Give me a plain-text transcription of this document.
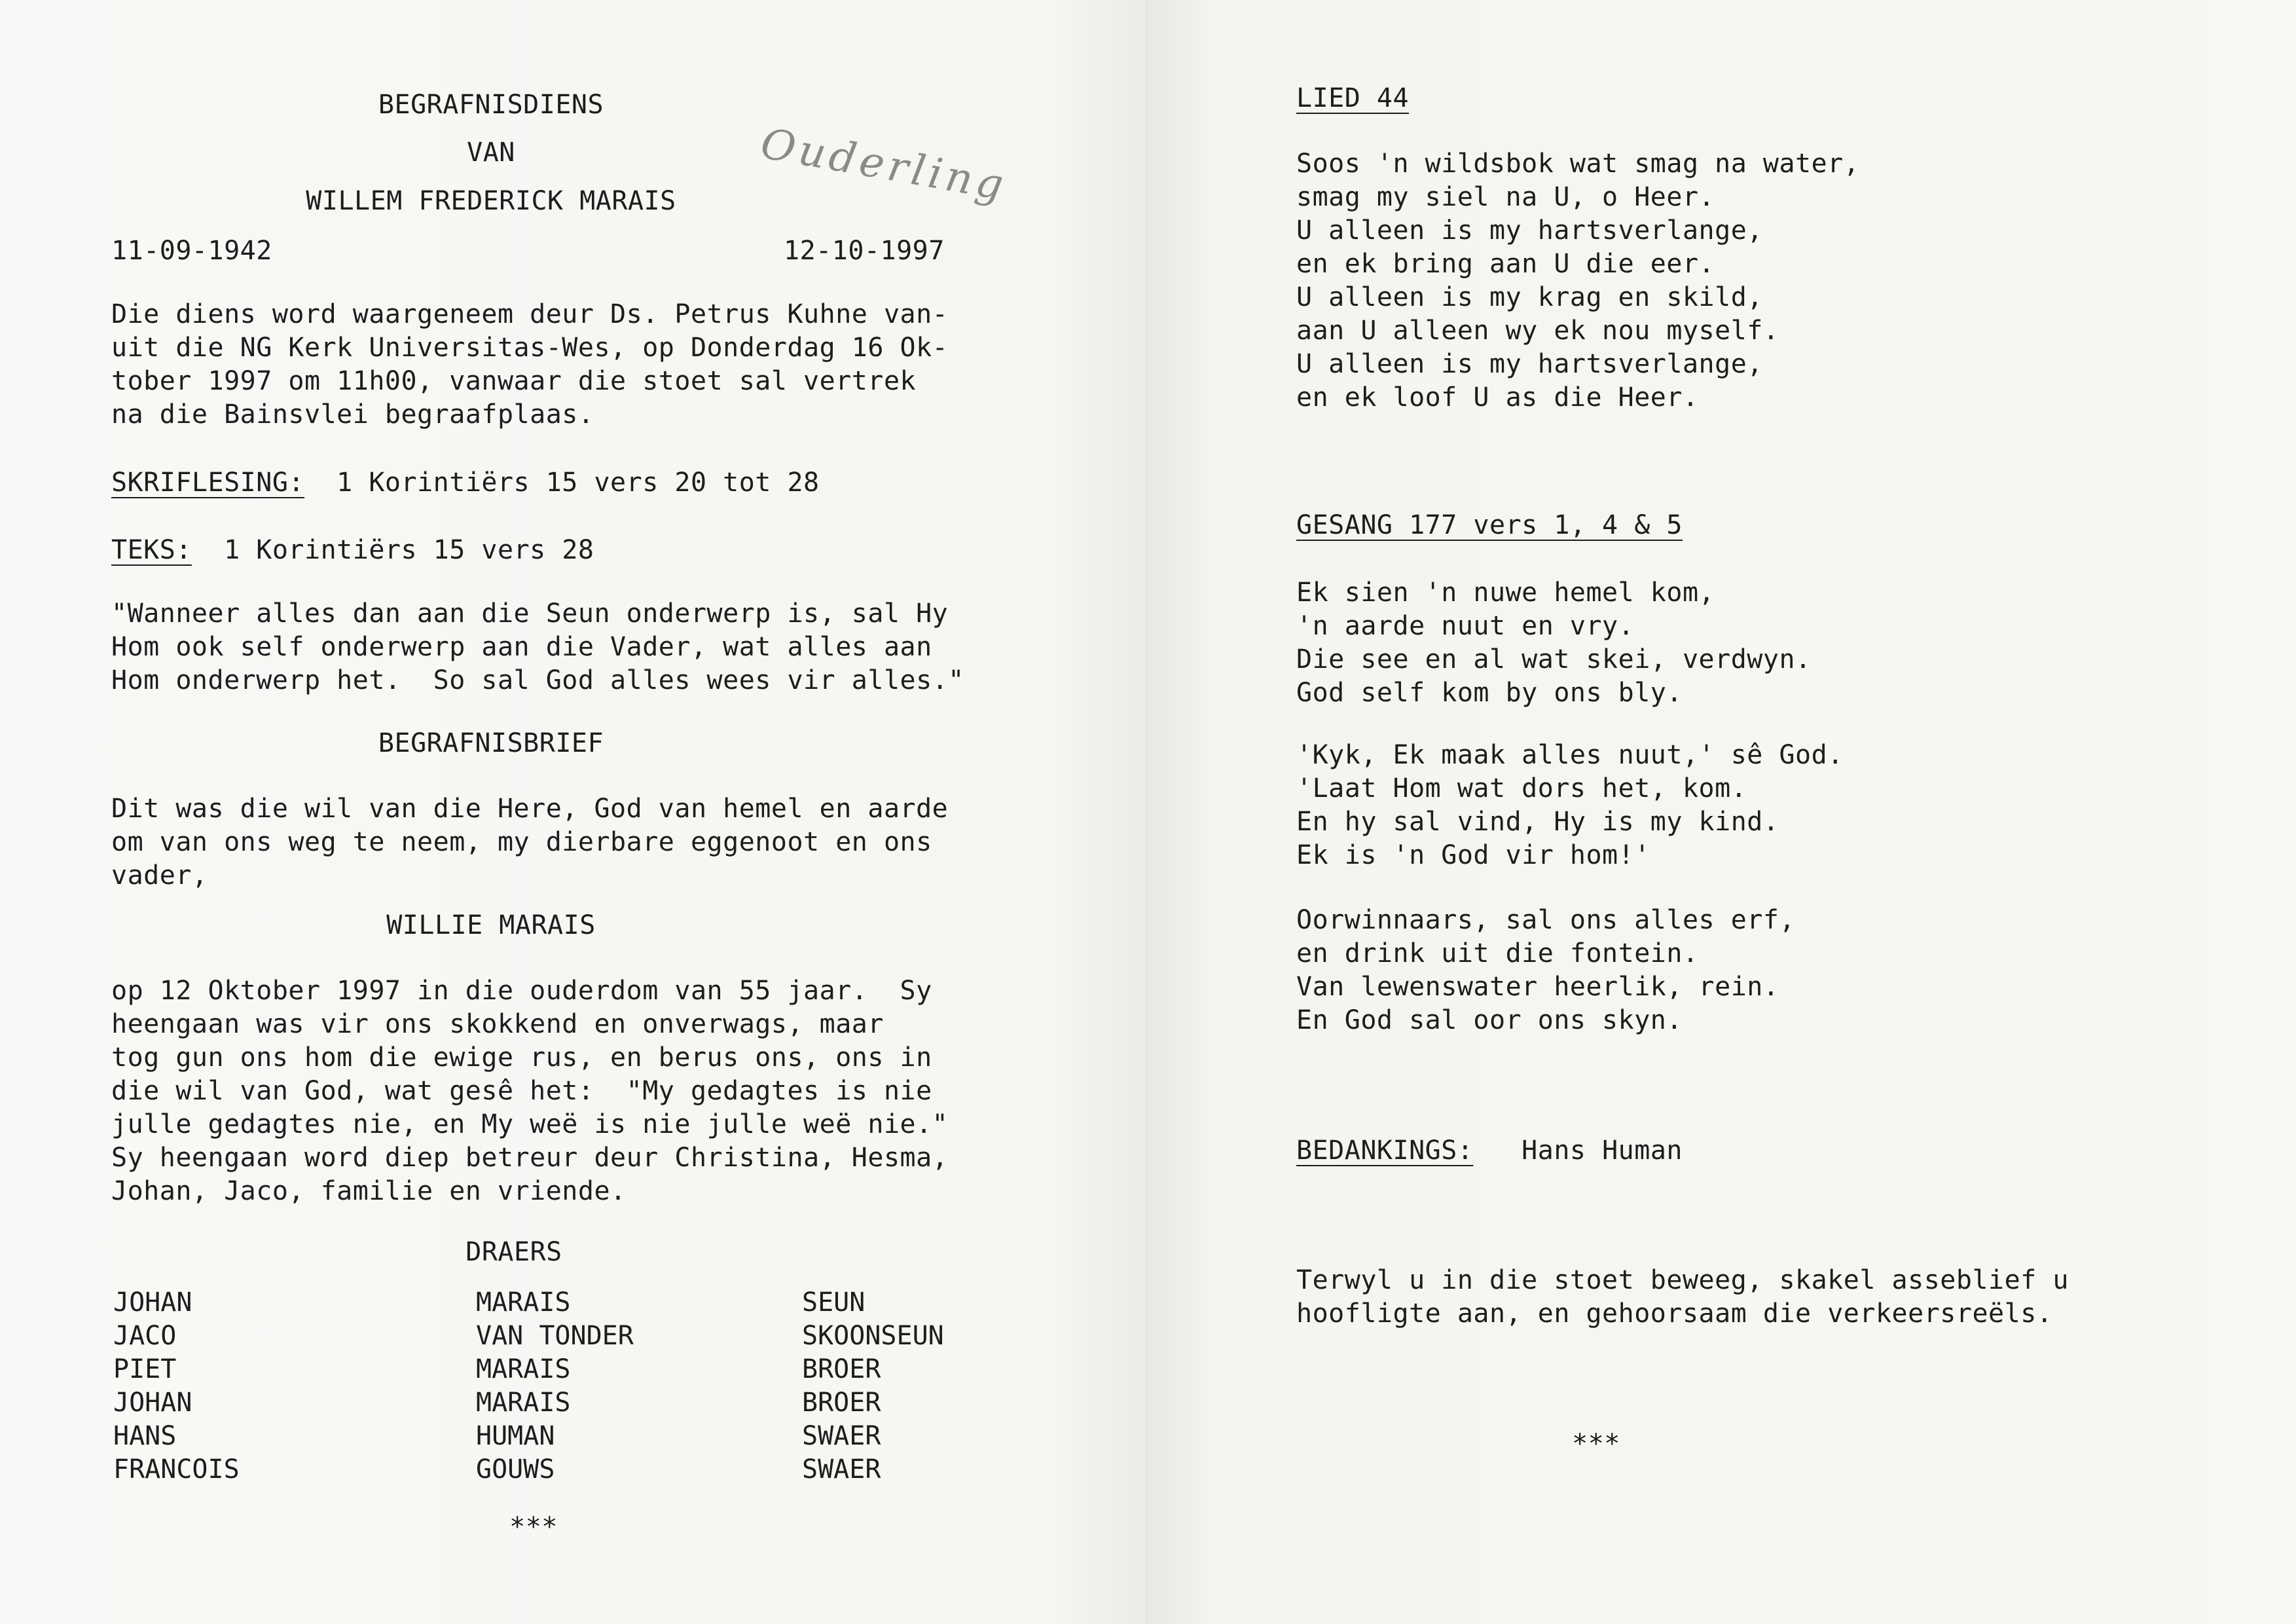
BEGRAFNISDIENS
VAN
WILLEM FREDERICK MARAIS	Ouderling
11-09-1942	12-10-1997
Die diens word waargeneem deur Ds. Petrus Kuhne van-
uit die NG Kerk Universitas-Wes, op Donderdag 16 Ok-
tober 1997 om 11h00, vanwaar die stoet sal vertrek
na die Bainsvlei begraafplaas.
SKRIFLESING: 1 Korintiërs 15 vers 20 tot 28
TEKS: 1 Korintiërs 15 vers 28
"Wanneer alles dan aan die Seun onderwerp is, sal Hy
Hom ook self onderwerp aan die Vader, wat alles aan
Hom onderwerp het.  So sal God alles wees vir alles."
BEGRAFNISBRIEF
Dit was die wil van die Here, God van hemel en aarde
om van ons weg te neem, my dierbare eggenoot en ons
vader,
WILLIE MARAIS
op 12 Oktober 1997 in die ouderdom van 55 jaar.  Sy
heengaan was vir ons skokkend en onverwags, maar
tog gun ons hom die ewige rus, en berus ons, ons in
die wil van God, wat gesê het:  "My gedagtes is nie
julle gedagtes nie, en My weë is nie julle weë nie."
Sy heengaan word diep betreur deur Christina, Hesma,
Johan, Jaco, familie en vriende.
DRAERS
JOHAN
JACO
PIET
JOHAN
HANS
FRANCOIS
MARAIS
VAN TONDER
MARAIS
MARAIS
HUMAN
GOUWS
SEUN
SKOONSEUN
BROER
BROER
SWAER
SWAER
***
LIED 44
Soos 'n wildsbok wat smag na water,
smag my siel na U, o Heer.
U alleen is my hartsverlange,
en ek bring aan U die eer.
U alleen is my krag en skild,
aan U alleen wy ek nou myself.
U alleen is my hartsverlange,
en ek loof U as die Heer.
GESANG 177 vers 1, 4 & 5
Ek sien 'n nuwe hemel kom,
'n aarde nuut en vry.
Die see en al wat skei, verdwyn.
God self kom by ons bly.
'Kyk, Ek maak alles nuut,' sê God.
'Laat Hom wat dors het, kom.
En hy sal vind, Hy is my kind.
Ek is 'n God vir hom!'
Oorwinnaars, sal ons alles erf,
en drink uit die fontein.
Van lewenswater heerlik, rein.
En God sal oor ons skyn.
BEDANKINGS: Hans Human
Terwyl u in die stoet beweeg, skakel asseblief u
hoofligte aan, en gehoorsaam die verkeersreëls.
***
